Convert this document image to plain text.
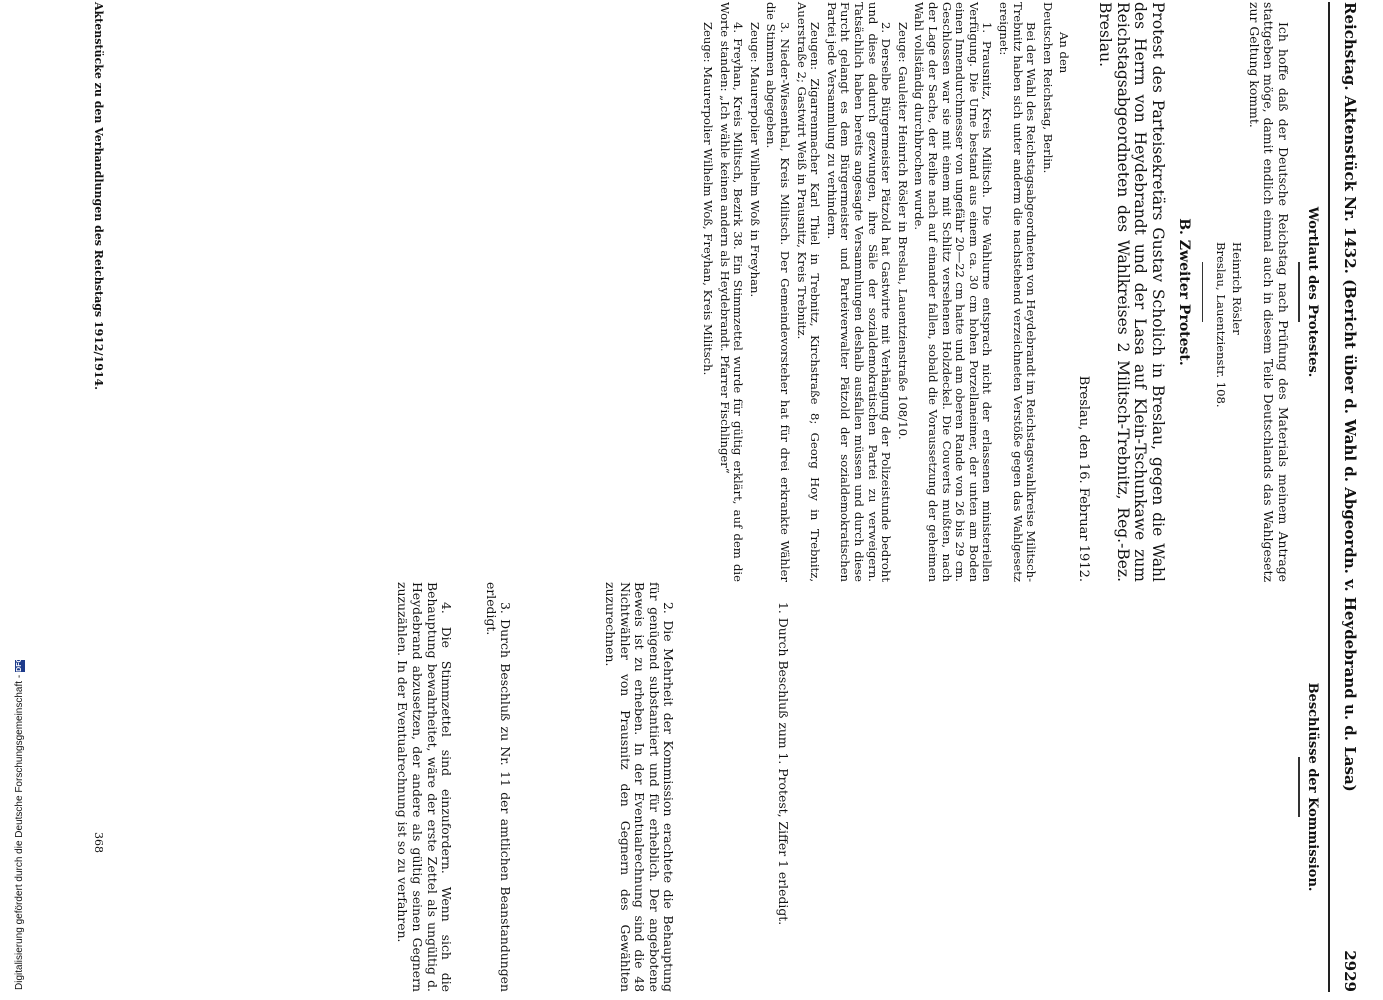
Reichstag. Aktenstück Nr. 1432. (Bericht über d. Wahl d. Abgeordn. v. Heydebrand u. d. Lasa)
2929
Wortlaut des Protestes.
Beschlüsse der Kommission.

Ich hoffe daß der Deutsche Reichstag nach Prüfung des Materials meinem Antrage stattgeben möge, damit endlich einmal auch in diesem Teile Deutschlands das Wahlgesetz zur Geltung kommt.

Heinrich Rösler

Breslau, Lauentzienstr. 108.

B. Zweiter Protest.

Protest des Parteisekretärs Gustav Scholich in Breslau, gegen die Wahl des Herrn von Heydebrandt und der Lasa auf Klein-Tschunkawe zum Reichstagsabgeordneten des Wahlkreises 2 Militsch-Trebnitz, Reg.-Bez. Breslau.

Breslau, den 16. Februar 1912.

An den

Deutschen Reichstag, Berlin.

Bei der Wahl des Reichstagsabgeordneten von Heydebrandt im Reichstagswahlkreise Militsch-Trebnitz haben sich unter anderm die nachstehend verzeichneten Verstöße gegen das Wahlgesetz ereignet:

1. Prausnitz, Kreis Militsch. Die Wahlurne entsprach nicht der erlassenen ministeriellen Verfügung. Die Urne bestand aus einem ca. 30 cm hohen Porzellaneimer, der unten am Boden einen Innendurchmesser von ungefähr 20—22 cm hatte und am oberen Rande von 26 bis 29 cm. Geschlossen war sie mit einem mit Schlitz versehenen Holzdeckel. Die Couverts mußten, nach der Lage der Sache, der Reihe nach auf einander fallen, sobald die Voraussetzung der geheimen Wahl vollständig durchbrochen wurde.

Zeuge: Gauleiter Heinrich Rösler in Breslau, Lauentzienstraße 108/10.

2. Derselbe Bürgermeister Pätzold hat Gastwirte mit Verhängung der Polizeistunde bedroht und diese dadurch gezwungen, ihre Säle der sozialdemokratischen Partei zu verweigern. Tatsächlich haben bereits angesagte Versammlungen deshalb ausfallen müssen und durch diese Furcht gelangt es dem Bürgermeister und Parteiverwalter Pätzold der sozialdemokratischen Partei jede Versammlung zu verhindern.

Zeugen: Zigarrenmacher Karl Thiel in Trebnitz, Kirchstraße 8; Georg Hoy in Trebnitz, Auerstraße 2; Gastwirt Weiß in Prausnitz, Kreis Trebnitz.

3. Nieder-Wiesenthal, Kreis Militsch. Der Gemeindevorsteher hat für drei erkrankte Wähler die Stimmen abgegeben.

Zeuge: Maurerpolier Wilhelm Woß in Freyhan.

4. Freyhan, Kreis Militsch, Bezirk 38. Ein Stimmzettel wurde für gültig erklärt, auf dem die Worte standen: „Ich wähle keinen andern als Heydebrandt. Pfarrer Fischlinger“

Zeuge: Maurerpolier Wilhelm Woß, Freyhan, Kreis Militsch.

1. Durch Beschluß zum 1. Protest, Ziffer 1 erledigt.

2. Die Mehrheit der Kommission erachtete die Behauptung für genügend substantiiert und für erheblich. Der angebotene Beweis ist zu erheben. In der Eventualrechnung sind die 48 Nichtwähler von Prausnitz den Gegnern des Gewählten zuzurechnen.

3. Durch Beschluß zu Nr. 11 der amtlichen Beanstandungen erledigt.

4. Die Stimmzettel sind einzufordern. Wenn sich die Behauptung bewahrheitet, wäre der erste Zettel als ungültig d. Heydebrand abzusetzen, der andere als gültig seinen Gegnern zuzuzählen. In der Eventualrechnung ist so zu verfahren.

Aktenstücke zu den Verhandlungen des Reichstags 1912/1914.
368
Digitalisierung gefördert durch die Deutsche Forschungsgemeinschaft -
DFG
